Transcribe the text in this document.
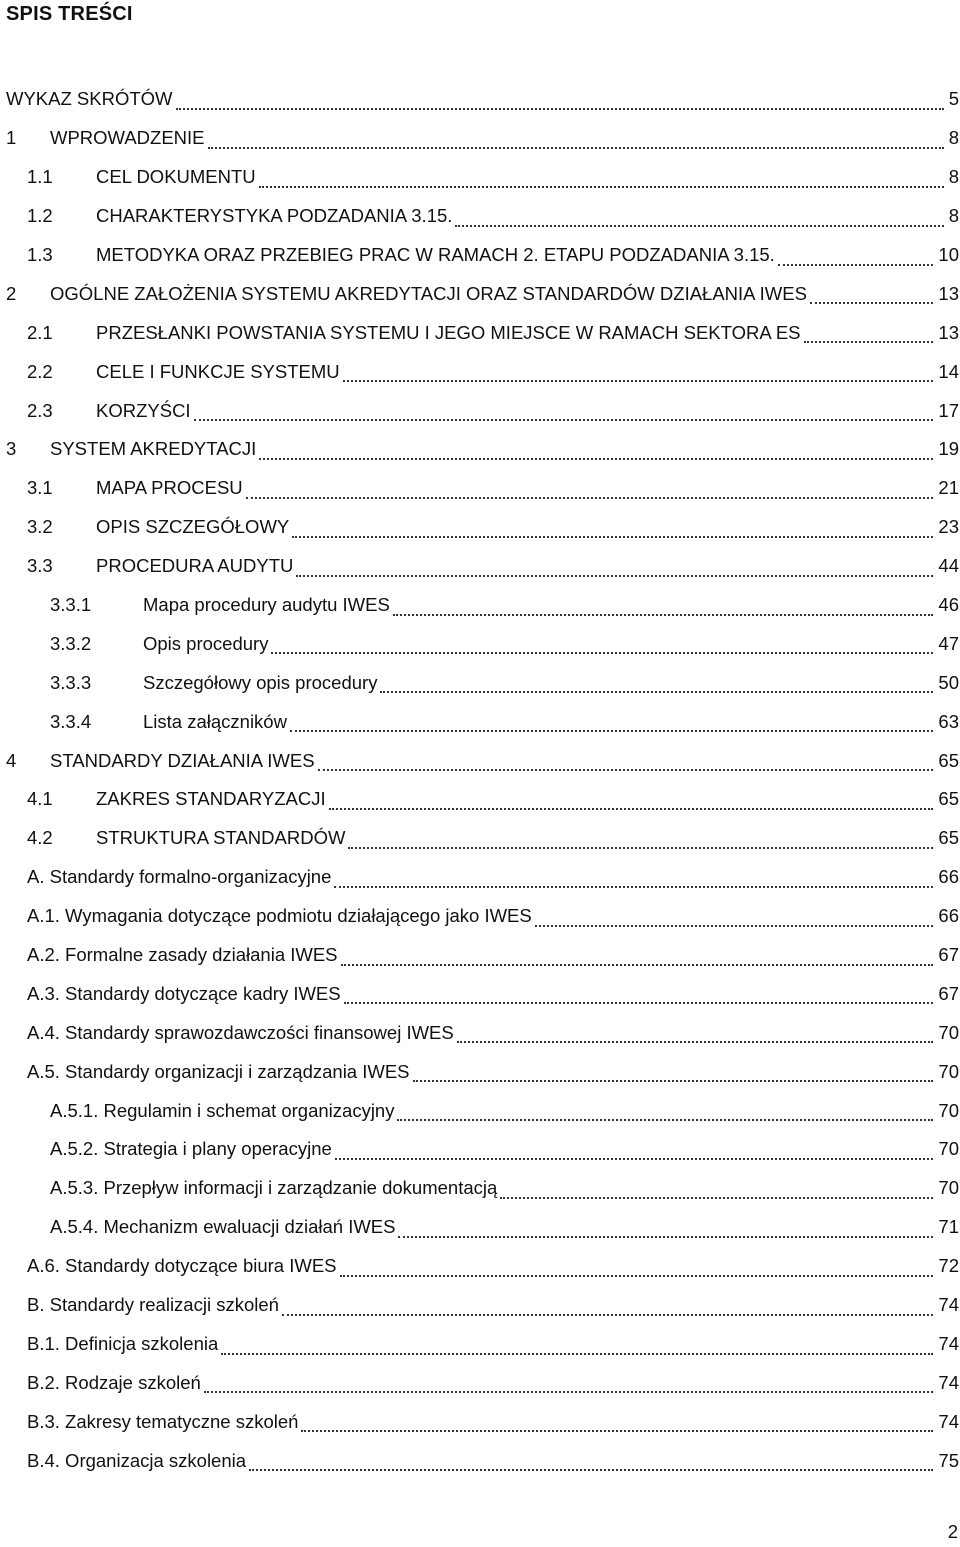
SPIS TREŚCI
WYKAZ SKRÓTÓW	5
1 WPROWADZENIE	8
1.1 CEL DOKUMENTU	8
1.2 CHARAKTERYSTYKA PODZADANIA 3.15.	8
1.3 METODYKA ORAZ PRZEBIEG PRAC W RAMACH 2. ETAPU PODZADANIA 3.15.	10
2 OGÓLNE ZAŁOŻENIA SYSTEMU AKREDYTACJI ORAZ STANDARDÓW DZIAŁANIA IWES	13
2.1 PRZESŁANKI POWSTANIA SYSTEMU I JEGO MIEJSCE W RAMACH SEKTORA ES	13
2.2 CELE I FUNKCJE SYSTEMU	14
2.3 KORZYŚCI	17
3 SYSTEM AKREDYTACJI	19
3.1 MAPA PROCESU	21
3.2 OPIS SZCZEGÓŁOWY	23
3.3 PROCEDURA AUDYTU	44
3.3.1	Mapa procedury audytu IWES	46
3.3.2	Opis procedury	47
3.3.3	Szczegółowy opis procedury	50
3.3.4	Lista załączników	63
4 STANDARDY DZIAŁANIA IWES	65
4.1 ZAKRES STANDARYZACJI	65
4.2 STRUKTURA STANDARDÓW	65
A. Standardy formalno-organizacyjne	66
A.1. Wymagania dotyczące podmiotu działającego jako IWES	66
A.2. Formalne zasady działania IWES	67
A.3. Standardy dotyczące kadry IWES	67
A.4. Standardy sprawozdawczości finansowej IWES	70
A.5. Standardy organizacji i zarządzania IWES	70
A.5.1. Regulamin i schemat organizacyjny	70
A.5.2. Strategia i plany operacyjne	70
A.5.3. Przepływ informacji i zarządzanie dokumentacją	70
A.5.4. Mechanizm ewaluacji działań IWES	71
A.6. Standardy dotyczące biura IWES	72
B. Standardy realizacji szkoleń	74
B.1. Definicja szkolenia	74
B.2. Rodzaje szkoleń	74
B.3. Zakresy tematyczne szkoleń	74
B.4. Organizacja szkolenia	75
2
